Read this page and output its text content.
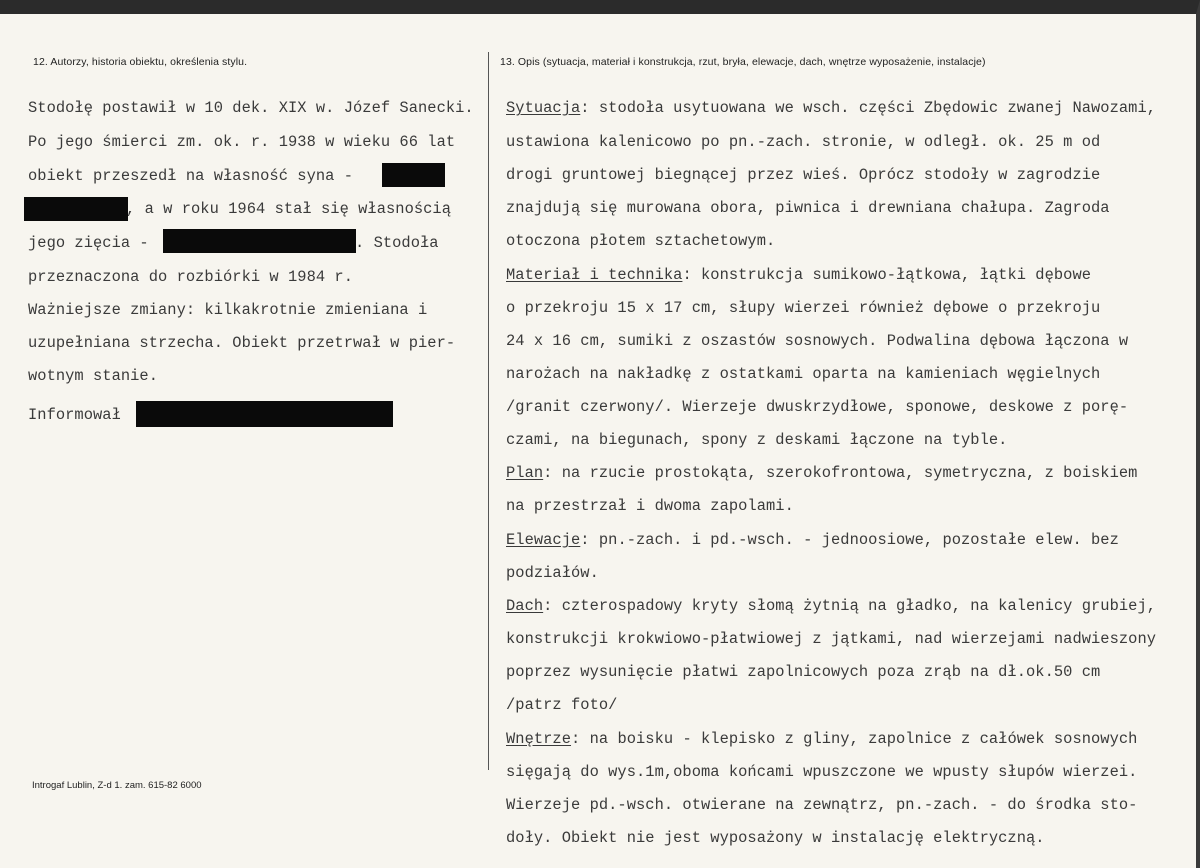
12. Autorzy, historia obiektu, określenia stylu.	13. Opis (sytuacja, materiał i konstrukcja, rzut, bryła, elewacje, dach, wnętrze wyposażenie, instalacje)
Stodołę postawił w 10 dek. XIX w. Józef Sanecki.
Po jego śmierci zm. ok. r. 1938 w wieku 66 lat
obiekt przeszedł na własność syna -
, a w roku 1964 stał się własnością
jego zięcia -	. Stodoła
przeznaczona do rozbiórki w 1984 r.
Ważniejsze zmiany: kilkakrotnie zmieniana i
uzupełniana strzecha. Obiekt przetrwał w pier-
wotnym stanie.
Informował
Sytuacja: stodoła usytuowana we wsch. części Zbędowic zwanej Nawozami,
ustawiona kalenicowo po pn.-zach. stronie, w odległ. ok. 25 m od
drogi gruntowej biegnącej przez wieś. Oprócz stodoły w zagrodzie
znajdują się murowana obora, piwnica i drewniana chałupa. Zagroda
otoczona płotem sztachetowym.
Materiał i technika: konstrukcja sumikowo-łątkowa, łątki dębowe
o przekroju 15 x 17 cm, słupy wierzei również dębowe o przekroju
24 x 16 cm, sumiki z oszastów sosnowych. Podwalina dębowa łączona w
narożach na nakładkę z ostatkami oparta na kamieniach węgielnych
/granit czerwony/. Wierzeje dwuskrzydłowe, sponowe, deskowe z porę-
czami, na biegunach, spony z deskami łączone na tyble.
Plan: na rzucie prostokąta, szerokofrontowa, symetryczna, z boiskiem
na przestrzał i dwoma zapolami.
Elewacje: pn.-zach. i pd.-wsch. - jednoosiowe, pozostałe elew. bez
podziałów.
Dach: czterospadowy kryty słomą żytnią na gładko, na kalenicy grubiej,
konstrukcji krokwiowo-płatwiowej z jątkami, nad wierzejami nadwieszony
poprzez wysunięcie płatwi zapolnicowych poza zrąb na dł.ok.50 cm
/patrz foto/
Wnętrze: na boisku - klepisko z gliny, zapolnice z całówek sosnowych
sięgają do wys.1m,oboma końcami wpuszczone we wpusty słupów wierzei.
Wierzeje pd.-wsch. otwierane na zewnątrz, pn.-zach. - do środka sto-
doły. Obiekt nie jest wyposażony w instalację elektryczną.
Introgaf Lublin, Z-d 1. zam. 615-82 6000
